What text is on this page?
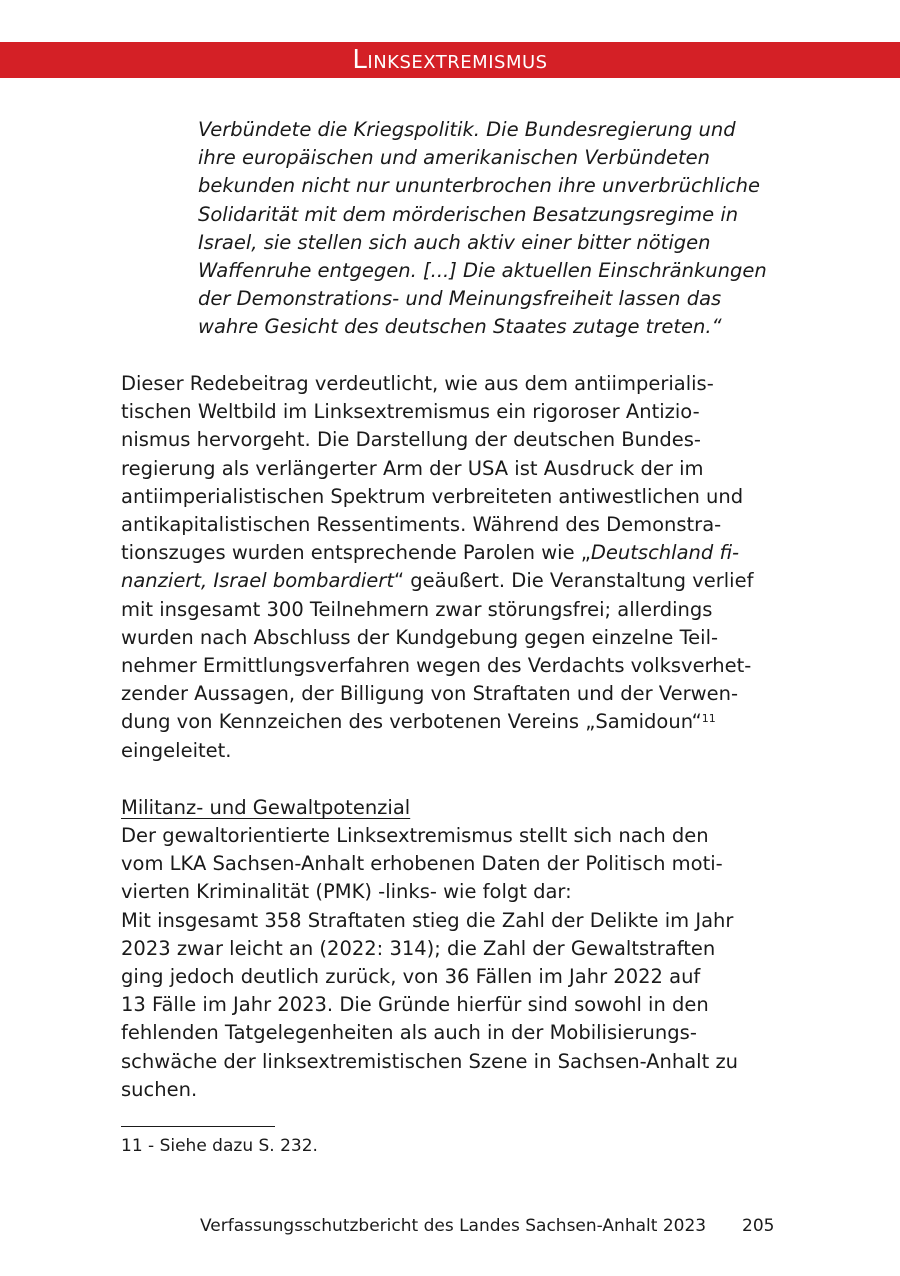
Linksextremismus

Verbündete die Kriegspolitik. Die Bundesregierung und
ihre europäischen und amerikanischen Verbündeten
bekunden nicht nur ununterbrochen ihre unverbrüchliche
Solidarität mit dem mörderischen Besatzungsregime in
Israel, sie stellen sich auch aktiv einer bitter nötigen
Waffenruhe entgegen. [...] Die aktuellen Einschränkungen
der Demonstrations- und Meinungsfreiheit lassen das
wahre Gesicht des deutschen Staates zutage treten.“

Dieser Redebeitrag verdeutlicht, wie aus dem antiimperialis-
tischen Weltbild im Linksextremismus ein rigoroser Antizio-
nismus hervorgeht. Die Darstellung der deutschen Bundes-
regierung als verlängerter Arm der USA ist Ausdruck der im
antiimperialistischen Spektrum verbreiteten antiwestlichen und
antikapitalistischen Ressentiments. Während des Demonstra-
tionszuges wurden entsprechende Parolen wie „Deutschland fi-
nanziert, Israel bombardiert“ geäußert. Die Veranstaltung verlief
mit insgesamt 300 Teilnehmern zwar störungsfrei; allerdings
wurden nach Abschluss der Kundgebung gegen einzelne Teil-
nehmer Ermittlungsverfahren wegen des Verdachts volksverhet-
zender Aussagen, der Billigung von Straftaten und der Verwen-
dung von Kennzeichen des verbotenen Vereins „Samidoun“$^{11}$
eingeleitet.

Militanz- und Gewaltpotenzial

Der gewaltorientierte Linksextremismus stellt sich nach den
vom LKA Sachsen-Anhalt erhobenen Daten der Politisch moti-
vierten Kriminalität (PMK) -links- wie folgt dar:
Mit insgesamt 358 Straftaten stieg die Zahl der Delikte im Jahr
2023 zwar leicht an (2022: 314); die Zahl der Gewaltstraften
ging jedoch deutlich zurück, von 36 Fällen im Jahr 2022 auf
13 Fälle im Jahr 2023. Die Gründe hierfür sind sowohl in den
fehlenden Tatgelegenheiten als auch in der Mobilisierungs-
schwäche der linksextremistischen Szene in Sachsen-Anhalt zu
suchen.

11 - Siehe dazu S. 232.

Verfassungsschutzbericht des Landes Sachsen-Anhalt 2023 205
